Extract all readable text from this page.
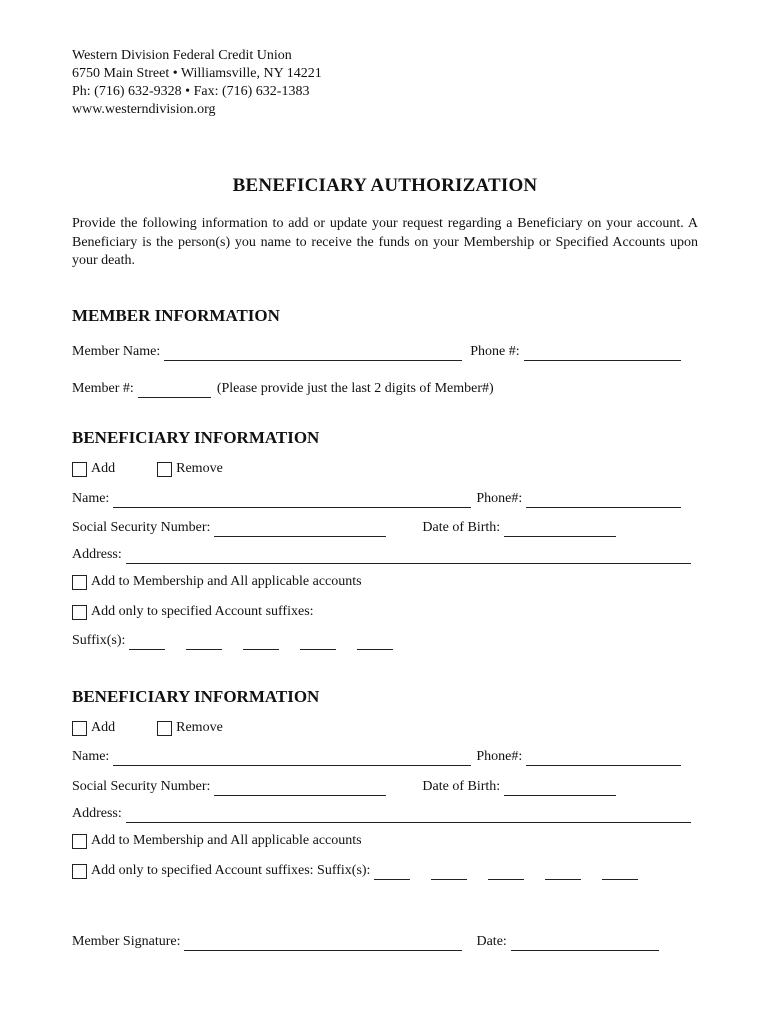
Western Division Federal Credit Union
6750 Main Street • Williamsville, NY 14221
Ph: (716) 632-9328 • Fax: (716) 632-1383
www.westerndivision.org
BENEFICIARY AUTHORIZATION
Provide the following information to add or update your request regarding a Beneficiary on your account. A Beneficiary is the person(s) you name to receive the funds on your Membership or Specified Accounts upon your death.
MEMBER INFORMATION
Member Name:	Phone #:
Member #:	(Please provide just the last 2 digits of Member#)
BENEFICIARY INFORMATION
Add	Remove
Name:	Phone#:
Social Security Number:	Date of Birth:
Address:
Add to Membership and All applicable accounts
Add only to specified Account suffixes:
Suffix(s):
BENEFICIARY INFORMATION
Add	Remove
Name:	Phone#:
Social Security Number:	Date of Birth:
Address:
Add to Membership and All applicable accounts
Add only to specified Account suffixes: Suffix(s):
Member Signature:	Date:
